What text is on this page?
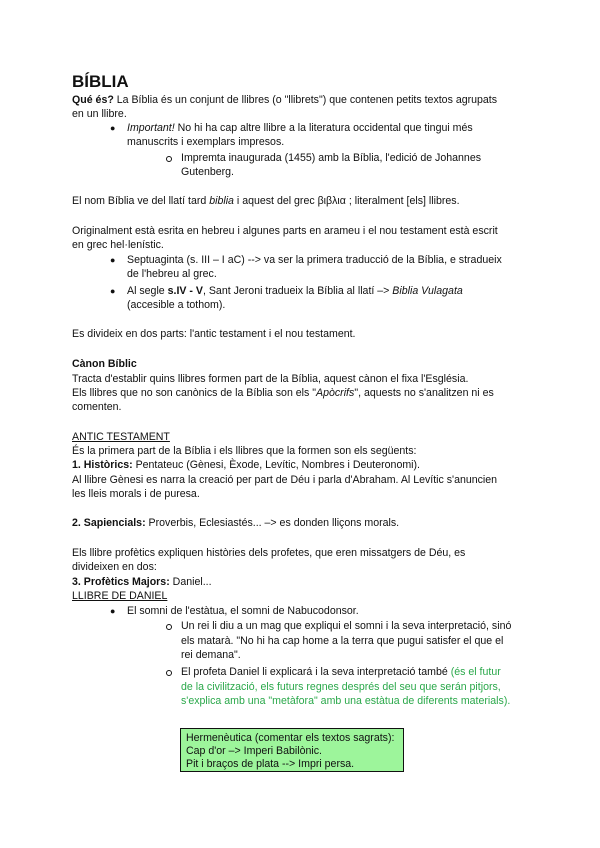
BÍBLIA
Qué és? La Bíblia és un conjunt de llibres (o "llibrets") que contenen petits textos agrupats
en un llibre.
● Important! No hi ha cap altre llibre a la literatura occidental que tingui més
manuscrits i exemplars impresos.
Impremta inaugurada (1455) amb la Bíblia, l'edició de Johannes
Gutenberg.
El nom Bíblia ve del llatí tard biblia i aquest del grec βιβλια ; literalment [els] llibres.
Originalment està esrita en hebreu i algunes parts en arameu i el nou testament està escrit
en grec hel·lenístic.
● Septuaginta (s. III – I aC) --> va ser la primera traducció de la Bíblia, e stradueix
de l'hebreu al grec.
● Al segle s.IV - V, Sant Jeroni tradueix la Bíblia al llatí –> Biblia Vulagata
(accesible a tothom).
Es divideix en dos parts: l'antic testament i el nou testament.
Cànon Bíblic
Tracta d'establir quins llibres formen part de la Bíblia, aquest cànon el fixa l'Església.
Els llibres que no son canònics de la Bíblia son els "Apòcrifs", aquests no s'analitzen ni es
comenten.
ANTIC TESTAMENT
És la primera part de la Bíblia i els llibres que la formen son els següents:
1. Històrics: Pentateuc (Gènesi, Èxode, Levític, Nombres i Deuteronomi).
Al llibre Gènesi es narra la creació per part de Déu i parla d'Abraham. Al Levític s'anuncien
les lleis morals i de puresa.
2. Sapiencials: Proverbis, Eclesiastés... –> es donden lliçons morals.
Els llibre profètics expliquen històries dels profetes, que eren missatgers de Déu, es
divideixen en dos:
3. Profètics Majors: Daniel...
LLIBRE DE DANIEL
● El somni de l'estàtua, el somni de Nabucodonsor.
Un rei li diu a un mag que expliqui el somni i la seva interpretació, sinó
els matarà. "No hi ha cap home a la terra que pugui satisfer el que el
rei demana".
El profeta Daniel li explicará i la seva interpretació també (és el futur
de la civilització, els futurs regnes després del seu que serán pitjors,
s'explica amb una "metàfora" amb una estàtua de diferents materials).
Hermenèutica (comentar els textos sagrats):
Cap d'or –> Imperi Babilònic.
Pit i braços de plata --> Impri persa.
